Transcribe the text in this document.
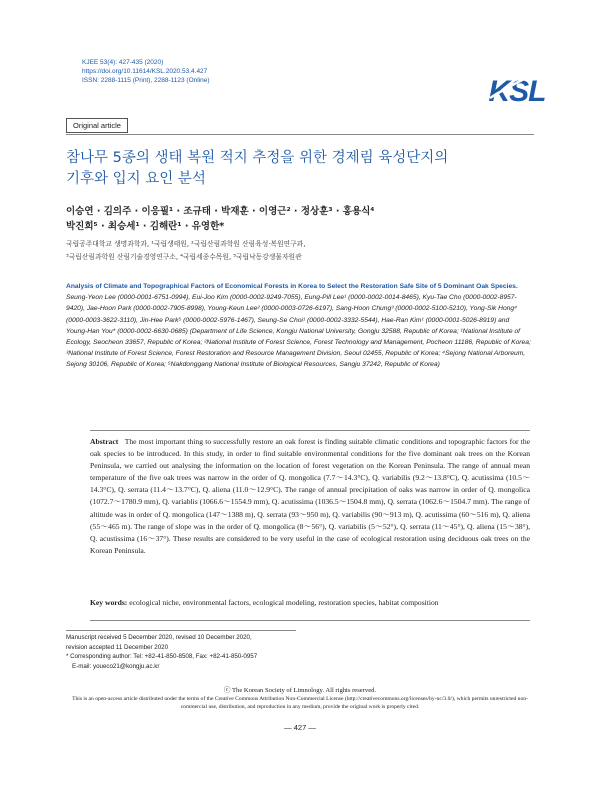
KJEE 53(4): 427-435 (2020)
https://doi.org/10.11614/KSL.2020.53.4.427
ISSN: 2288-1115 (Print), 2288-1123 (Online)	KSL
Original article
참나무 5종의 생태 복원 적지 추정을 위한 경제림 육성단지의
기후와 입지 요인 분석
이승연 · 김의주 · 이응필¹ · 조규태 · 박재훈 · 이영근² · 정상훈³ · 홍용식⁴
박진희⁵ · 최승세¹ · 김해란¹ · 유영한*
국립공주대학교 생명과학과, ¹국립생태원, ²국립산림과학원 산림육성·복원연구과,
³국립산림과학원 산림기술경영연구소, ⁴국립세종수목원, ⁵국립낙동강생물자원관
Analysis of Climate and Topographical Factors of Economical Forests in Korea to Select the Restoration Safe Site of 5 Dominant Oak Species. Seung-Yeon Lee (0000-0001-6751-0994), Eui-Joo Kim (0000-0002-9249-7055), Eung-Pill Lee¹ (0000-0002-0014-8465), Kyu-Tae Cho (0000-0002-8957-9420), Jae-Hoon Park (0000-0002-7905-8998), Young-Keun Lee² (0000-0003-0726-6197), Sang-Hoon Chung³ (0000-0002-5100-5210), Yong-Sik Hong⁴ (0000-0003-3622-3110), Jin-Hee Park⁵ (0000-0002-5976-1467), Seung-Se Choi¹ (0000-0002-3332-5544), Hae-Ran Kim¹ (0000-0001-5026-8919) and Young-Han You* (0000-0002-6630-0685) (Department of Life Science, Kongju National University, Gongju 32588, Republic of Korea; ¹National Institute of Ecology, Seocheon 33657, Republic of Korea; ²National Institute of Forest Science, Forest Technology and Management, Pocheon 11186, Republic of Korea; ³National Institute of Forest Science, Forest Restoration and Resource Management Division, Seoul 02455, Republic of Korea; ⁴Sejong National Arboreum, Sejong 30106, Republic of Korea; ⁵Nakdonggang National Institute of Biological Resources, Sangju 37242, Republic of Korea)
Abstract The most important thing to successfully restore an oak forest is finding suitable climatic conditions and topographic factors for the oak species to be introduced. In this study, in order to find suitable environmental conditions for the five dominant oak trees on the Korean Peninsula, we carried out analysing the information on the location of forest vegetation on the Korean Peninsula. The range of annual mean temperature of the five oak trees was narrow in the order of Q. mongolica (7.7～14.3°C), Q. variabilis (9.2～13.8°C), Q. acutissima (10.5～14.3°C), Q. serrata (11.4～13.7°C), Q. aliena (11.0～12.9°C). The range of annual precipitation of oaks was narrow in order of Q. mongolica (1072.7～1780.9 mm), Q. variablis (1066.6～1554.9 mm), Q. acutissima (1036.5～1504.8 mm), Q. serrata (1062.6～1504.7 mm). The range of altitude was in order of Q. mongolica (147～1388 m), Q. serrata (93～950 m), Q. variabilis (90～913 m), Q. acutissima (60～516 m), Q. aliena (55～465 m). The range of slope was in the order of Q. mongolica (8～56°), Q. variabilis (5～52°), Q. serrata (11～45°), Q. aliena (15～38°), Q. acustissima (16～37°). These results are considered to be very useful in the case of ecological restoration using deciduous oak trees on the Korean Peninsula.
Key words: ecological niche, environmental factors, ecological modeling, restoration species, habitat composition
Manuscript received 5 December 2020, revised 10 December 2020,
revision accepted 11 December 2020
* Corresponding author: Tel: +82-41-850-8508, Fax: +82-41-850-0957
E-mail: youeco21@kongju.ac.kr
ⓒ The Korean Society of Limnology. All rights reserved.
This is an open-access article distributed under the terms of the Creative Commons Attribution Non-Commercial License (http://creativecommons.org/licenses/by-nc/3.0/), which permits unrestricted non-commercial use, distribution, and reproduction in any medium, provide the original work is properly cited.
— 427 —
